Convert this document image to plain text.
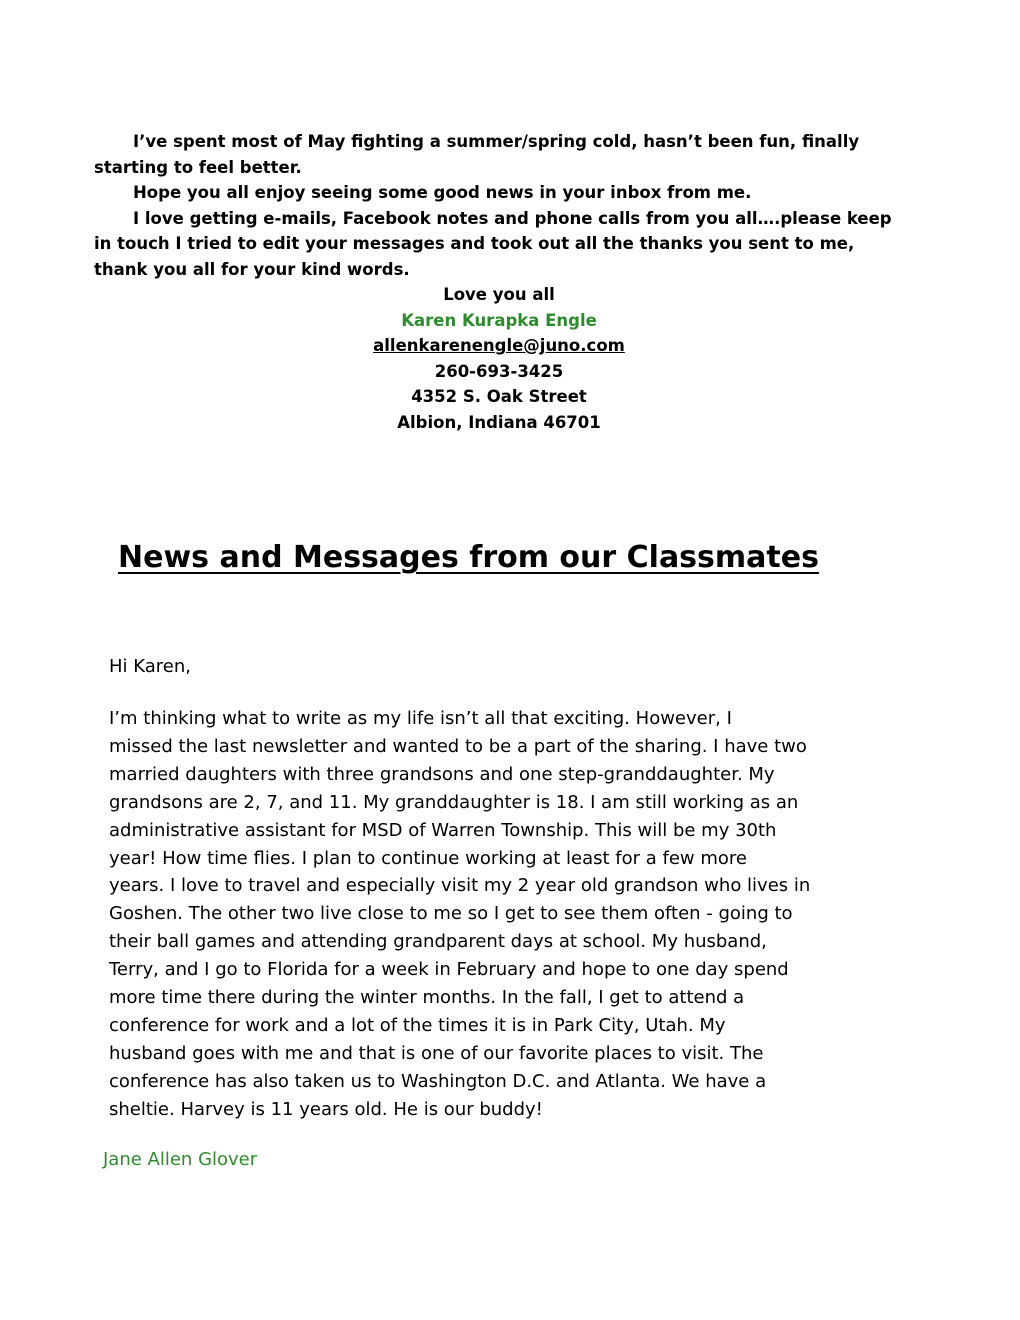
I’ve spent most of May fighting a summer/spring cold, hasn’t been fun, finally starting to feel better.

Hope you all enjoy seeing some good news in your inbox from me.

I love getting e-mails, Facebook notes and phone calls from you all….please keep in touch I tried to edit your messages and took out all the thanks you sent to me, thank you all for your kind words.

Love you all
Karen Kurapka Engle
allenkarenengle@juno.com
260-693-3425
4352 S. Oak Street
Albion, Indiana 46701
News and Messages from our Classmates
Hi Karen,
I’m thinking what to write as my life isn’t all that exciting. However, I
missed the last newsletter and wanted to be a part of the sharing. I have two
married daughters with three grandsons and one step-granddaughter. My
grandsons are 2, 7, and 11. My granddaughter is 18. I am still working as an
administrative assistant for MSD of Warren Township. This will be my 30th
year! How time flies. I plan to continue working at least for a few more
years. I love to travel and especially visit my 2 year old grandson who lives in
Goshen. The other two live close to me so I get to see them often - going to
their ball games and attending grandparent days at school. My husband,
Terry, and I go to Florida for a week in February and hope to one day spend
more time there during the winter months. In the fall, I get to attend a
conference for work and a lot of the times it is in Park City, Utah. My
husband goes with me and that is one of our favorite places to visit. The
conference has also taken us to Washington D.C. and Atlanta. We have a
sheltie. Harvey is 11 years old. He is our buddy!
Jane Allen Glover
